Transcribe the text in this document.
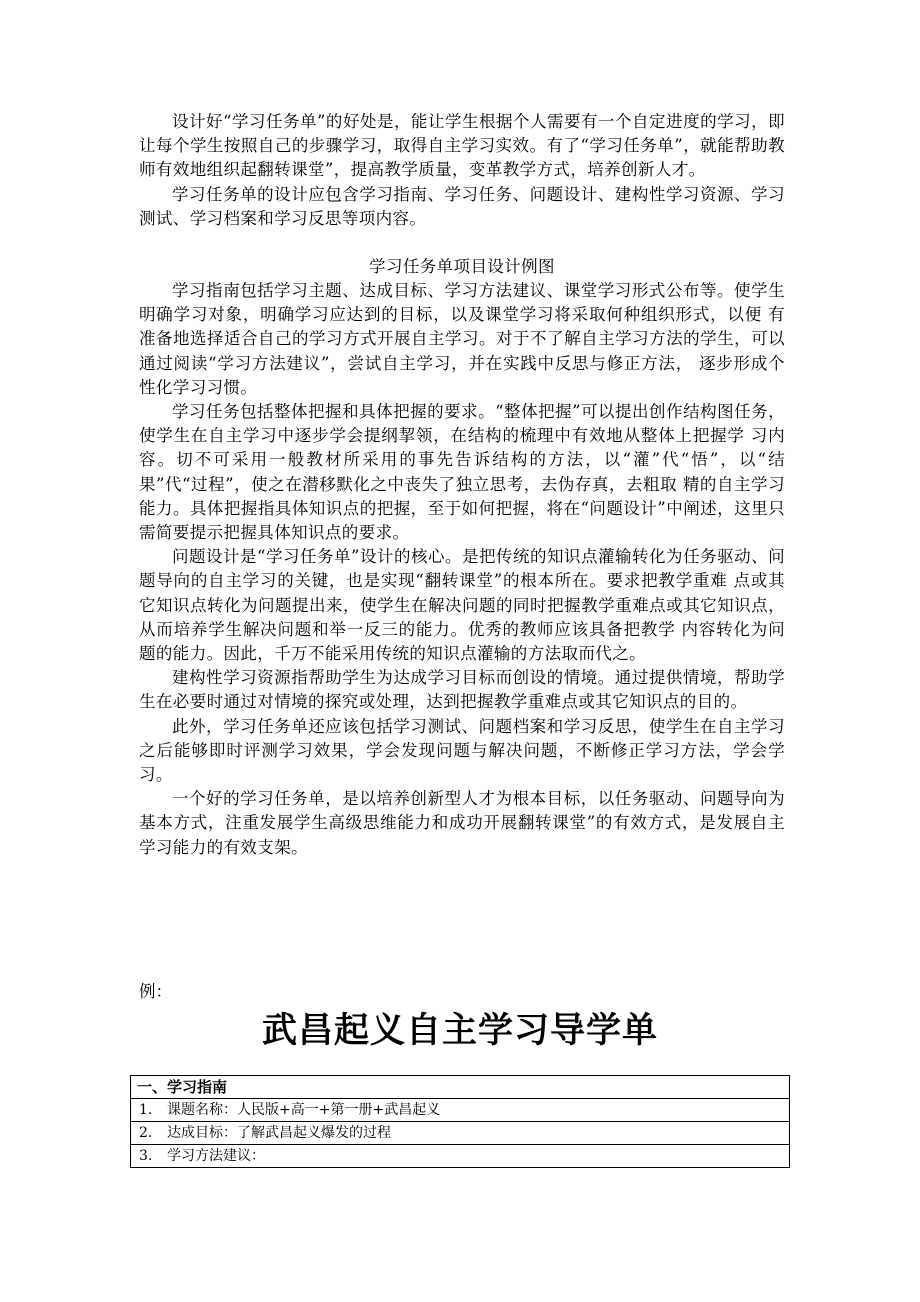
设计好“学习任务单”的好处是，能让学生根据个人需要有一个自定进度的学习，即让每个学生按照自己的步骤学习，取得自主学习实效。有了“学习任务单”，就能帮助教师有效地组织起翻转课堂”，提高教学质量，变革教学方式，培养创新人才。

学习任务单的设计应包含学习指南、学习任务、问题设计、建构性学习资源、学习测试、学习档案和学习反思等项内容。

学习任务单项目设计例图

学习指南包括学习主题、达成目标、学习方法建议、课堂学习形式公布等。使学生明确学习对象，明确学习应达到的目标，以及课堂学习将采取何种组织形式，以便 有准备地选择适合自己的学习方式开展自主学习。对于不了解自主学习方法的学生，可以通过阅读“学习方法建议”，尝试自主学习，并在实践中反思与修正方法， 逐步形成个性化学习习惯。

学习任务包括整体把握和具体把握的要求。“整体把握”可以提出创作结构图任务，使学生在自主学习中逐步学会提纲挈领，在结构的梳理中有效地从整体上把握学 习内容。切不可采用一般教材所采用的事先告诉结构的方法，以“灌”代“悟”，以“结果”代“过程”，使之在潜移默化之中丧失了独立思考，去伪存真，去粗取 精的自主学习能力。具体把握指具体知识点的把握，至于如何把握，将在“问题设计”中阐述，这里只需简要提示把握具体知识点的要求。

问题设计是“学习任务单”设计的核心。是把传统的知识点灌输转化为任务驱动、问题导向的自主学习的关键，也是实现“翻转课堂”的根本所在。要求把教学重难 点或其它知识点转化为问题提出来，使学生在解决问题的同时把握教学重难点或其它知识点，从而培养学生解决问题和举一反三的能力。优秀的教师应该具备把教学 内容转化为问题的能力。因此，千万不能采用传统的知识点灌输的方法取而代之。

建构性学习资源指帮助学生为达成学习目标而创设的情境。通过提供情境，帮助学生在必要时通过对情境的探究或处理，达到把握教学重难点或其它知识点的目的。

此外，学习任务单还应该包括学习测试、问题档案和学习反思，使学生在自主学习之后能够即时评测学习效果，学会发现问题与解决问题，不断修正学习方法，学会学习。

一个好的学习任务单，是以培养创新型人才为根本目标，以任务驱动、问题导向为基本方式，注重发展学生高级思维能力和成功开展翻转课堂”的有效方式，是发展自主学习能力的有效支架。

例：

武昌起义自主学习导学单
一、学习指南
1. 课题名称：人民版+高一+第一册+武昌起义
2. 达成目标：了解武昌起义爆发的过程
3. 学习方法建议：
